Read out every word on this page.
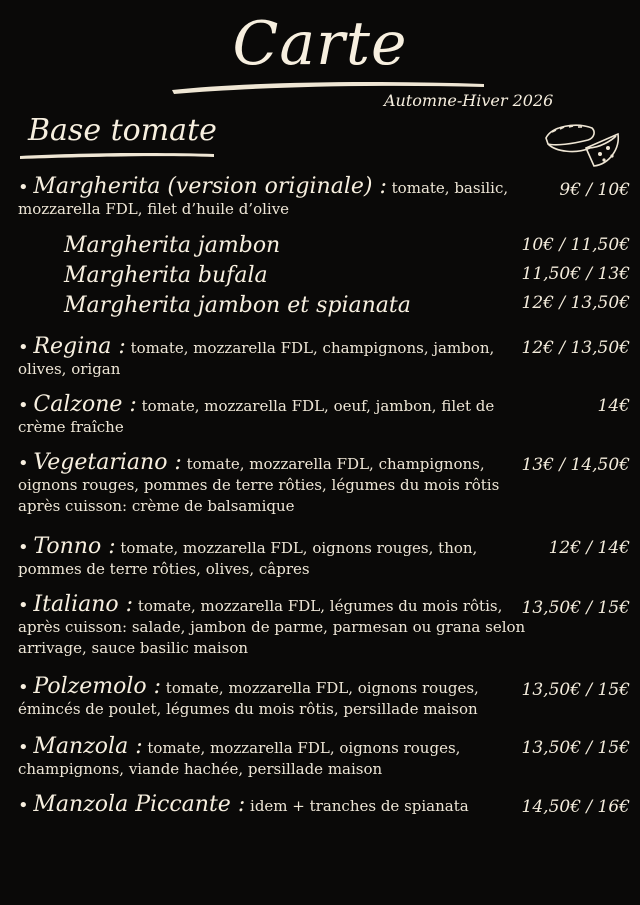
Carte
Automne-Hiver 2026
Base tomate
• Margherita (version originale) : tomate, basilic, mozzarella FDL, filet d’huile d’olive
9€ / 10€
Margherita jambon	10€ / 11,50€
Margherita bufala	11,50€ / 13€
Margherita jambon et spianata	12€ / 13,50€
• Regina : tomate, mozzarella FDL, champignons, jambon, olives, origan
12€ / 13,50€
• Calzone : tomate, mozzarella FDL, oeuf, jambon, filet de crème fraîche
14€
• Vegetariano : tomate, mozzarella FDL, champignons, oignons rouges, pommes de terre rôties, légumes du mois rôtis après cuisson: crème de balsamique
13€ / 14,50€
• Tonno : tomate, mozzarella FDL, oignons rouges, thon, pommes de terre rôties, olives, câpres
12€ / 14€
• Italiano : tomate, mozzarella FDL, légumes du mois rôtis, après cuisson: salade, jambon de parme, parmesan ou grana selon arrivage, sauce basilic maison
13,50€ / 15€
• Polzemolo : tomate, mozzarella FDL, oignons rouges, émincés de poulet, légumes du mois rôtis, persillade maison
13,50€ / 15€
• Manzola : tomate, mozzarella FDL, oignons rouges, champignons, viande hachée, persillade maison
13,50€ / 15€
• Manzola Piccante : idem + tranches de spianata	14,50€ / 16€
